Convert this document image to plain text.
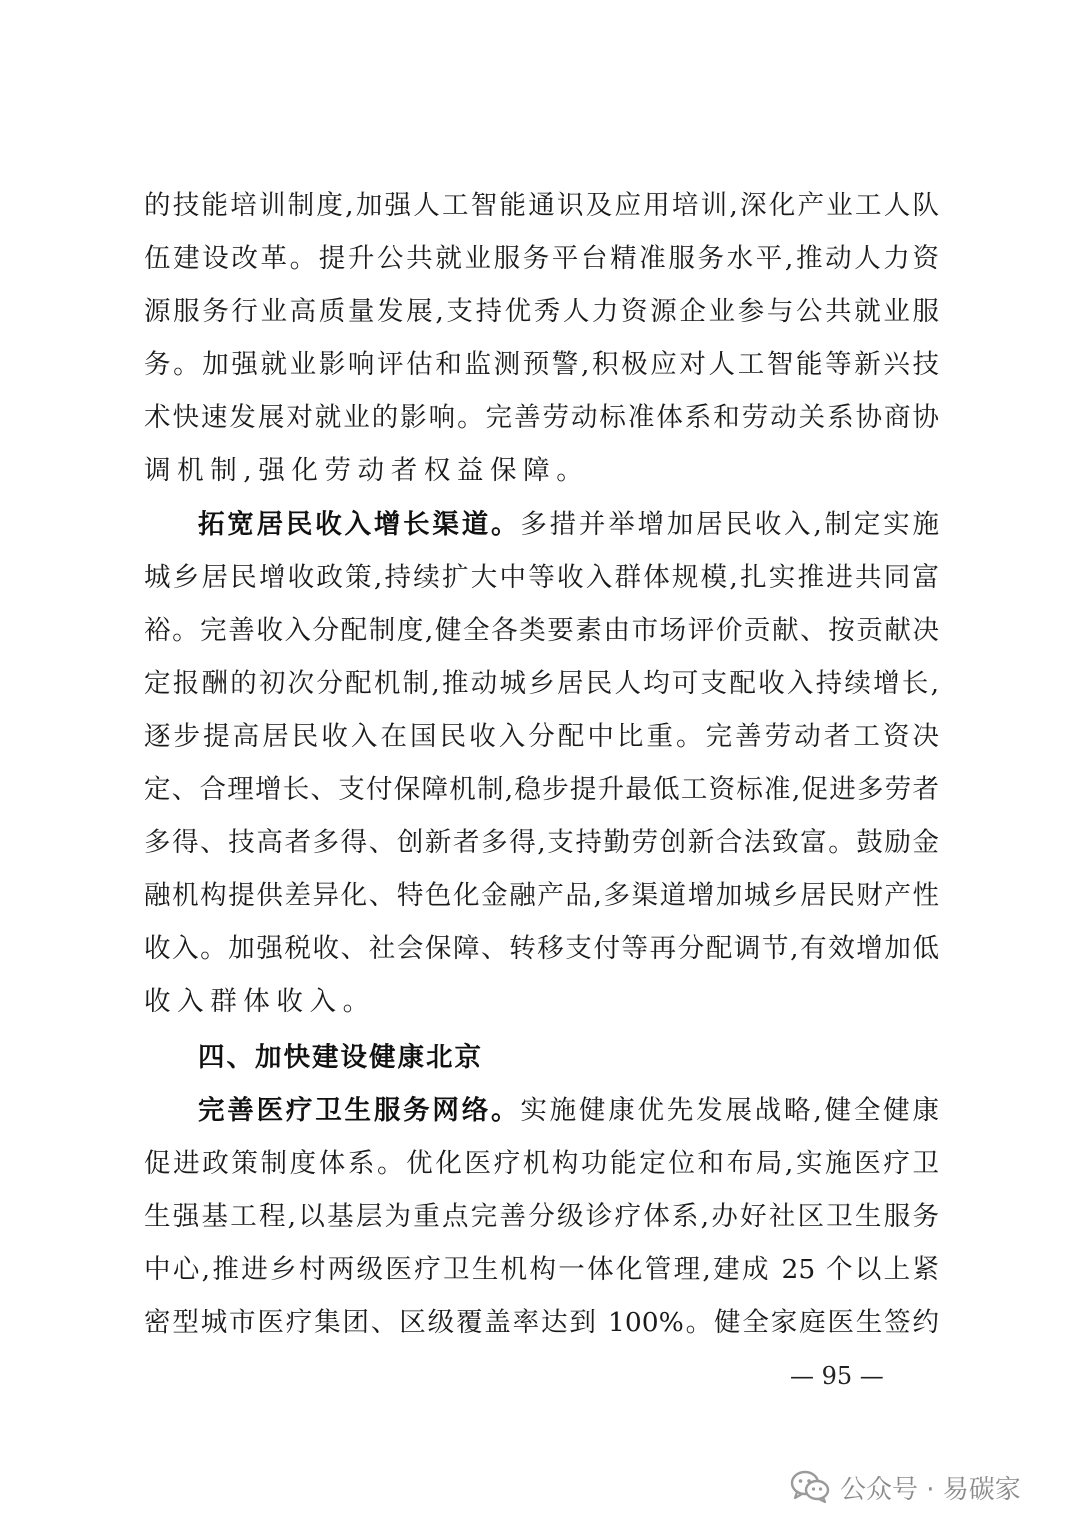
的技能培训制度,加强人工智能通识及应用培训,深化产业工人队
伍建设改革。提升公共就业服务平台精准服务水平,推动人力资
源服务行业高质量发展,支持优秀人力资源企业参与公共就业服
务。加强就业影响评估和监测预警,积极应对人工智能等新兴技
术快速发展对就业的影响。完善劳动标准体系和劳动关系协商协
调机制,强化劳动者权益保障。
拓宽居民收入增长渠道。多措并举增加居民收入,制定实施
城乡居民增收政策,持续扩大中等收入群体规模,扎实推进共同富
裕。完善收入分配制度,健全各类要素由市场评价贡献、按贡献决
定报酬的初次分配机制,推动城乡居民人均可支配收入持续增长,
逐步提高居民收入在国民收入分配中比重。完善劳动者工资决
定、合理增长、支付保障机制,稳步提升最低工资标准,促进多劳者
多得、技高者多得、创新者多得,支持勤劳创新合法致富。鼓励金
融机构提供差异化、特色化金融产品,多渠道增加城乡居民财产性
收入。加强税收、社会保障、转移支付等再分配调节,有效增加低
收入群体收入。
四、加快建设健康北京
完善医疗卫生服务网络。实施健康优先发展战略,健全健康
促进政策制度体系。优化医疗机构功能定位和布局,实施医疗卫
生强基工程,以基层为重点完善分级诊疗体系,办好社区卫生服务
中心,推进乡村两级医疗卫生机构一体化管理,建成 25 个以上紧
密型城市医疗集团、区级覆盖率达到 100%。健全家庭医生签约
— 95 —
公众号 · 易碳家
